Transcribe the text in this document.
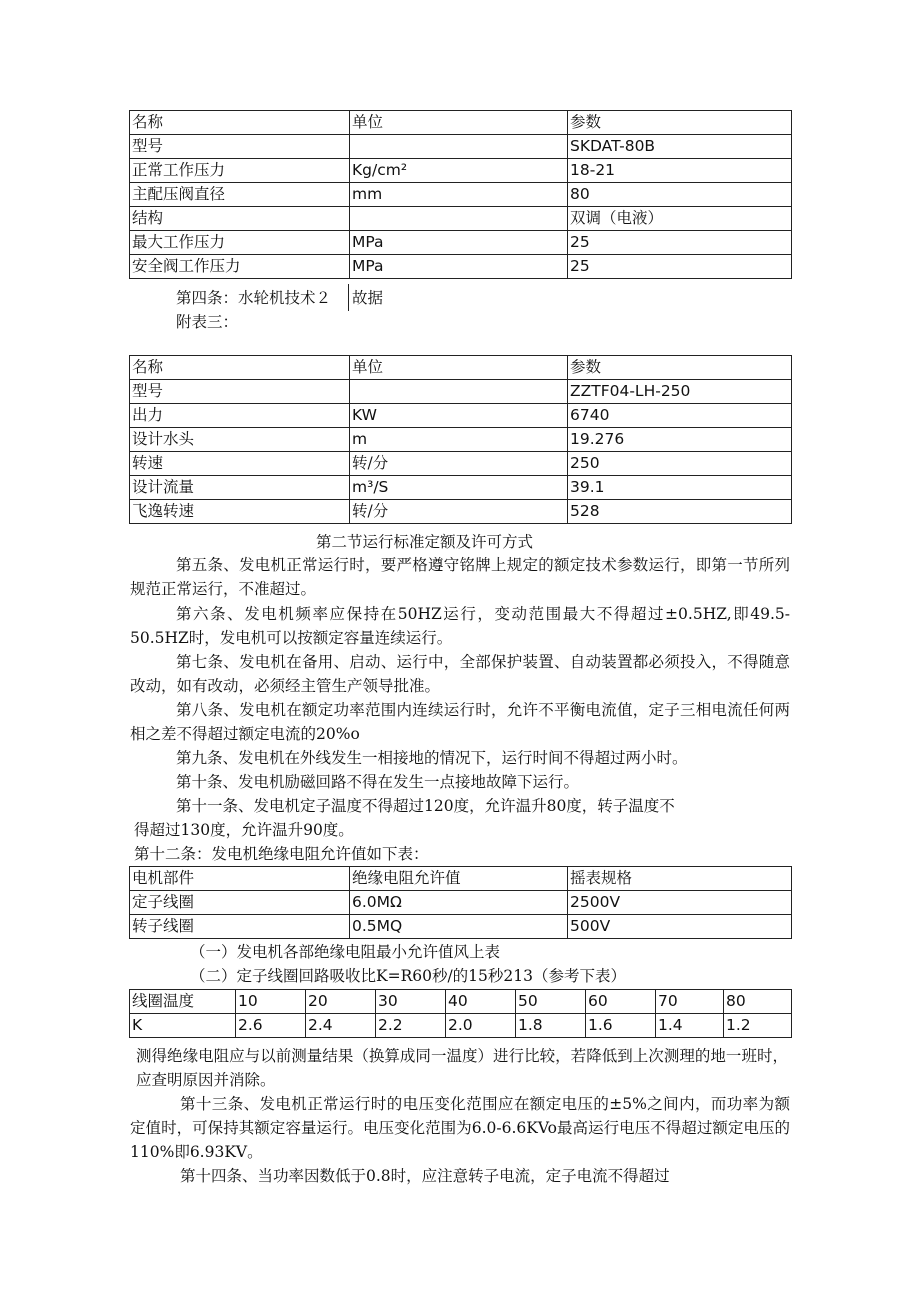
名称	单位	参数
型号		SKDAT-80B
正常工作压力	Kg/cm²	18-21
主配压阀直径	mm	80
结构		双调（电液）
最大工作压力	MPa	25
安全阀工作压力	MPa	25

第四条：水轮机技术２ 故据

附表三：

名称	单位	参数
型号		ZZTF04-LH-250
出力	KW	6740
设计水头	m	19.276
转速	转/分	250
设计流量	m³/S	39.1
飞逸转速	转/分	528

第二节运行标准定额及许可方式

第五条、发电机正常运行时，要严格遵守铭牌上规定的额定技术参数运行，即第一节所列规范正常运行，不准超过。

第六条、发电机频率应保持在50HZ运行，变动范围最大不得超过±0.5HZ,即49.5-50.5HZ时，发电机可以按额定容量连续运行。

第七条、发电机在备用、启动、运行中，全部保护装置、自动装置都必须投入，不得随意改动，如有改动，必须经主管生产领导批准。

第八条、发电机在额定功率范围内连续运行时，允许不平衡电流值，定子三相电流任何两相之差不得超过额定电流的20%o

第九条、发电机在外线发生一相接地的情况下，运行时间不得超过两小时。

第十条、发电机励磁回路不得在发生一点接地故障下运行。

第十一条、发电机定子温度不得超过120度，允许温升80度，转子温度不

得超过130度，允许温升90度。

第十二条：发电机绝缘电阻允许值如下表：

电机部件	绝缘电阻允许值	摇表规格
定子线圈	6.0MΩ	2500V
转子线圈	0.5MQ	500V

（一）发电机各部绝缘电阻最小允许值风上表

（二）定子线圈回路吸收比K=R60秒/的15秒213（参考下表）

线圈温度	10	20	30	40	50	60	70	80
K	2.6	2.4	2.2	2.0	1.8	1.6	1.4	1.2

测得绝缘电阻应与以前测量结果（换算成同一温度）进行比较，若降低到上次测理的地一班时，应查明原因并消除。

第十三条、发电机正常运行时的电压变化范围应在额定电压的±5%之间内，而功率为额定值时，可保持其额定容量运行。电压变化范围为6.0-6.6KVo最高运行电压不得超过额定电压的110%即6.93KV。

第十四条、当功率因数低于0.8时，应注意转子电流，定子电流不得超过
